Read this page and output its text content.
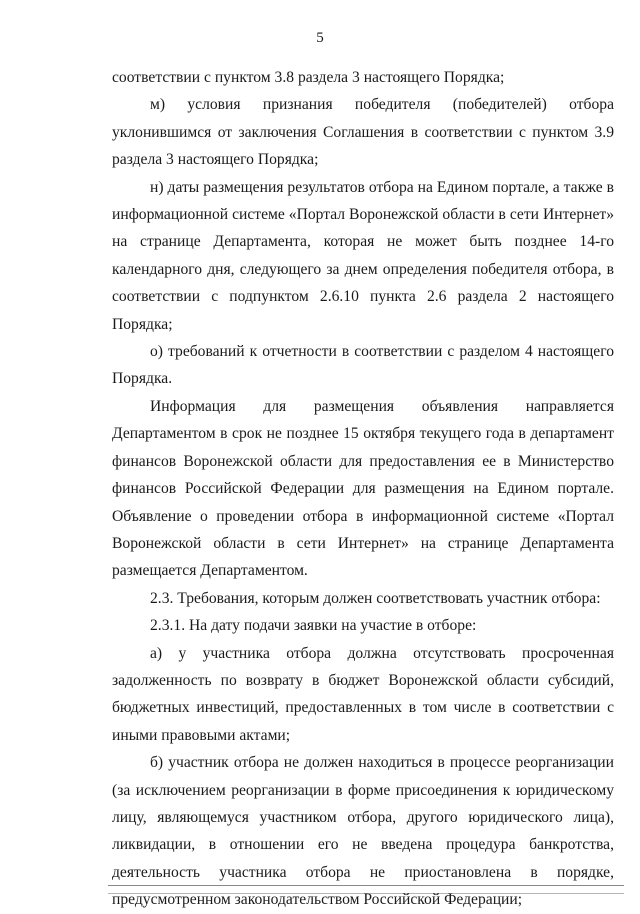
5

соответствии с пунктом 3.8 раздела 3 настоящего Порядка;

м) условия признания победителя (победителей) отбора уклонившимся от заключения Соглашения в соответствии с пунктом 3.9 раздела 3 настоящего Порядка;

н) даты размещения результатов отбора на Едином портале, а также в информационной системе «Портал Воронежской области в сети Интернет» на странице Департамента, которая не может быть позднее 14-го календарного дня, следующего за днем определения победителя отбора, в соответствии с подпунктом 2.6.10 пункта 2.6 раздела 2 настоящего Порядка;

о) требований к отчетности в соответствии с разделом 4 настоящего Порядка.

Информация для размещения объявления направляется Департаментом в срок не позднее 15 октября текущего года в департамент финансов Воронежской области для предоставления ее в Министерство финансов Российской Федерации для размещения на Едином портале. Объявление о проведении отбора в информационной системе «Портал Воронежской области в сети Интернет» на странице Департамента размещается Департаментом.

2.3. Требования, которым должен соответствовать участник отбора:

2.3.1. На дату подачи заявки на участие в отборе:

а) у участника отбора должна отсутствовать просроченная задолженность по возврату в бюджет Воронежской области субсидий, бюджетных инвестиций, предоставленных в том числе в соответствии с иными правовыми актами;

б) участник отбора не должен находиться в процессе реорганизации (за исключением реорганизации в форме присоединения к юридическому лицу, являющемуся участником отбора, другого юридического лица), ликвидации, в отношении его не введена процедура банкротства, деятельность участника отбора не приостановлена в порядке, предусмотренном законодательством Российской Федерации;
